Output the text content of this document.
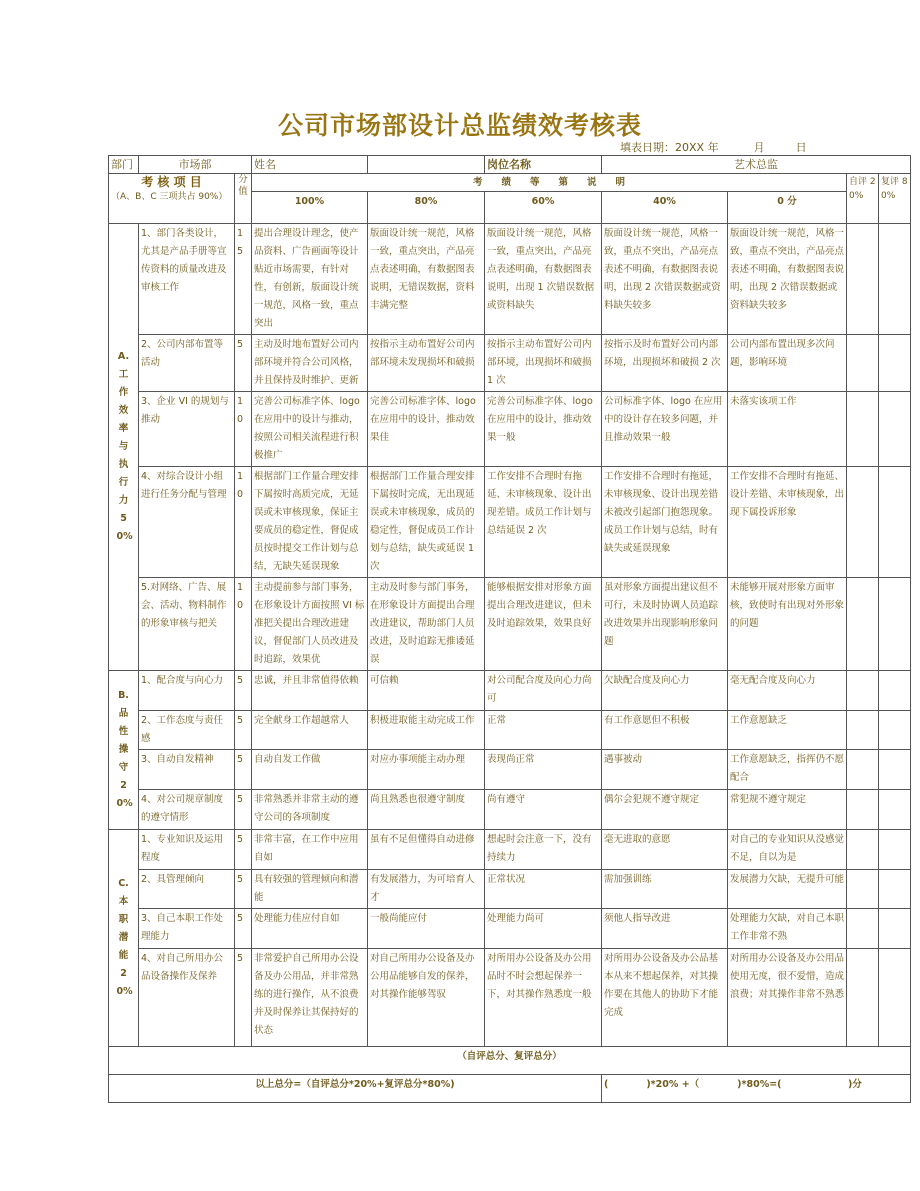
公司市场部设计总监绩效考核表
填表日期：20XX 年	月	日
部门	市场部		姓名		岗位名称	艺术总监			

考 核 项 目
（A、B、C 三项共占 90%）		分值	考　　绩　　等　　第　　说　　明					自评 20%	复评 80%
			100%	80%	60%	40%	0 分		

A.工作效率与执行力50%	1、部门各类设计，尤其是产品手册等宣传资料的质量改进及审核工作	15	提出合理设计理念，使产品资料、广告画面等设计贴近市场需要，有针对性，有创新，版面设计统一规范，风格一致，重点突出	版面设计统一规范，风格一致，重点突出，产品亮点表述明确，有数据图表说明，无错误数据，资料丰满完整	版面设计统一规范，风格一致，重点突出，产品亮点表述明确，有数据图表说明，出现 1 次错误数据或资料缺失	版面设计统一规范，风格一致，重点不突出，产品亮点表述不明确，有数据图表说明，出现 2 次错误数据或资料缺失较多	版面设计统一规范，风格一致，重点不突出，产品亮点表述不明确，有数据图表说明，出现 2 次错误数据或资料缺失较多		
	2、公司内部布置等活动	5	主动及时地布置好公司内部环境并符合公司风格，并且保持及时维护、更新	按指示主动布置好公司内部环境未发现损坏和破损	按指示主动布置好公司内部环境，出现损坏和破损 1 次	按指示及时布置好公司内部环境，出现损坏和破损 2 次	公司内部布置出现多次问题，影响环境		
	3、企业 VI 的规划与推动	10	完善公司标准字体、logo 在应用中的设计与推动，按照公司相关流程进行积极推广	完善公司标准字体、logo 在应用中的设计，推动效果佳	完善公司标准字体、logo 在应用中的设计，推动效果一般	公司标准字体、logo 在应用中的设计存在较多问题，并且推动效果一般	未落实该项工作		
	4、对综合设计小组进行任务分配与管理	10	根据部门工作量合理安排下属按时高质完成，无延误或未审核现象，保证主要成员的稳定性，督促成员按时提交工作计划与总结，无缺失延误现象	根据部门工作量合理安排下属按时完成，无出现延误或未审核现象，成员的稳定性，督促成员工作计划与总结，缺失或延误 1 次	工作安排不合理时有拖延、未审核现象、设计出现差错。成员工作计划与总结延误 2 次	工作安排不合理时有拖延，未审核现象、设计出现差错未被改引起部门抱怨现象。成员工作计划与总结，时有缺失或延误现象	工作安排不合理时有拖延、设计差错、未审核现象，出现下属投诉形象		
	5.对网络、广告、展会、活动、物料制作的形象审核与把关	10	主动提前参与部门事务，在形象设计方面按照 VI 标准把关提出合理改进建议，督促部门人员改进及时追踪，效果优	主动及时参与部门事务，在形象设计方面提出合理改进建议，帮助部门人员改进，及时追踪无推诿延误	能够根据安排对形象方面提出合理改进建议，但未及时追踪效果，效果良好	虽对形象方面提出建议但不可行，未及时协调人员追踪改进效果并出现影响形象问题	未能够开展对形象方面审核，致使时有出现对外形象的问题		

B.品性操守20%	1、配合度与向心力	5	忠诚，并且非常值得依赖	可信赖	对公司配合度及向心力尚可	欠缺配合度及向心力	毫无配合度及向心力		
	2、工作态度与责任感	5	完全献身工作超越常人	积极进取能主动完成工作	正常	有工作意愿但不积极	工作意愿缺乏		
	3、自动自发精神	5	自动自发工作做	对应办事项能主动办理	表现尚正常	遇事被动	工作意愿缺乏，指挥仍不愿配合		
	4、对公司规章制度的遵守情形	5	非常熟悉并非常主动的遵守公司的各项制度	尚且熟悉也很遵守制度	尚有遵守	偶尔会犯规不遵守规定	常犯规不遵守规定		

C.本职潜能20%	1、专业知识及运用程度	5	非常丰富，在工作中应用自如	虽有不足但懂得自动进修	想起时会注意一下，没有持续力	毫无进取的意愿	对自己的专业知识从没感觉不足，自以为是		
	2、具管理倾向	5	具有较强的管理倾向和潜能	有发展潜力，为可培育人才	正常状况	需加强训练	发展潜力欠缺，无提升可能		
	3、自己本职工作处理能力	5	处理能力佳应付自如	一般尚能应付	处理能力尚可	须他人指导改进	处理能力欠缺，对自己本职工作非常不熟		
	4、对自己所用办公品设备操作及保养	5	非常爱护自己所用办公设备及办公用品，并非常熟练的进行操作，从不浪费并及时保养让其保持好的状态	对自己所用办公设备及办公用品能够自发的保养，对其操作能够驾驭	对所用办公设备及办公用品时不时会想起保养一下，对其操作熟悉度一般	对所用办公设备及办公品基本从来不想起保养，对其操作要在其他人的协助下才能完成	对所用办公设备及办公用品使用无度，很不爱惜，造成浪费；对其操作非常不熟悉		
（自评总分、复评总分）									
以上总分=（自评总分*20%+复评总分*80%)						(　　　　)*20% +（　　　　)*80%=(　　　　　　　)分			
